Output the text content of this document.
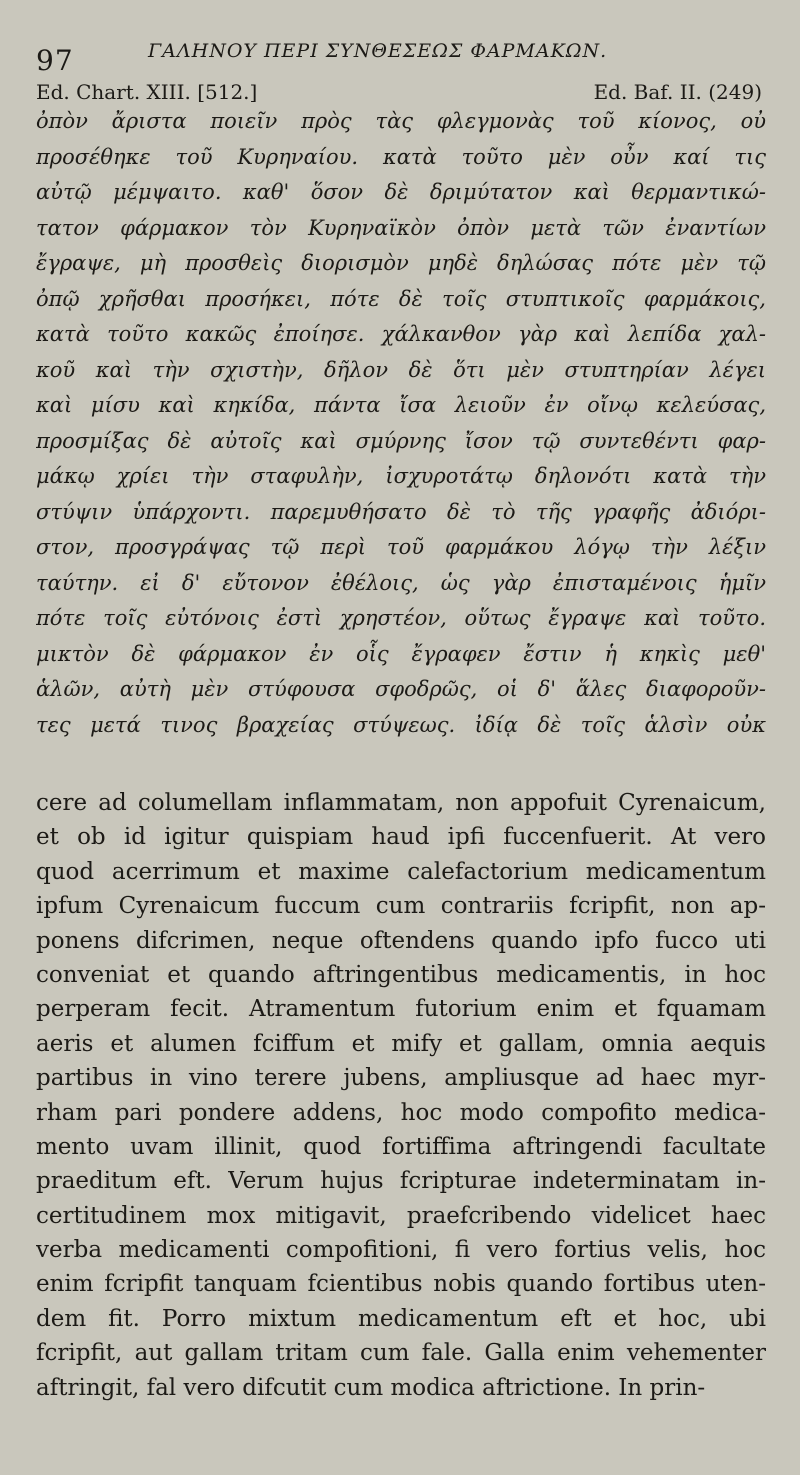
97	ΓΑΛΗΝΟΥ ΠΕΡΙ ΣΥΝΘΕΣΕΩΣ ΦΑΡΜΑΚΩΝ.
Ed. Chart. XIII. [512.]	Ed. Baf. II. (249)
ὀπὸν ἄριστα ποιεῖν πρὸς τὰς φλεγμονὰς τοῦ κίονος, οὐ
προσέθηκε τοῦ Κυρηναίου. κατὰ τοῦτο μὲν οὖν καί τις
αὐτῷ μέμψαιτο. καθ' ὅσον δὲ δριμύτατον καὶ θερμαντικώ-
τατον φάρμακον τὸν Κυρηναϊκὸν ὀπὸν μετὰ τῶν ἐναντίων
ἔγραψε, μὴ προσθεὶς διορισμὸν μηδὲ δηλώσας πότε μὲν τῷ
ὀπῷ χρῆσθαι προσήκει, πότε δὲ τοῖς στυπτικοῖς φαρμάκοις,
κατὰ τοῦτο κακῶς ἐποίησε. χάλκανθον γὰρ καὶ λεπίδα χαλ-
κοῦ καὶ τὴν σχιστὴν, δῆλον δὲ ὅτι μὲν στυπτηρίαν λέγει
καὶ μίσυ καὶ κηκίδα, πάντα ἴσα λειοῦν ἐν οἴνῳ κελεύσας,
προσμίξας δὲ αὐτοῖς καὶ σμύρνης ἴσον τῷ συντεθέντι φαρ-
μάκῳ χρίει τὴν σταφυλὴν, ἰσχυροτάτῳ δηλονότι κατὰ τὴν
στύψιν ὑπάρχοντι. παρεμυθήσατο δὲ τὸ τῆς γραφῆς ἀδιόρι-
στον, προσγράψας τῷ περὶ τοῦ φαρμάκου λόγῳ τὴν λέξιν
ταύτην. εἰ δ' εὔτονον ἐθέλοις, ὡς γὰρ ἐπισταμένοις ἡμῖν
πότε τοῖς εὐτόνοις ἐστὶ χρηστέον, οὕτως ἔγραψε καὶ τοῦτο.
μικτὸν δὲ φάρμακον ἐν οἷς ἔγραφεν ἔστιν ἡ κηκὶς μεθ'
ἁλῶν, αὐτὴ μὲν στύφουσα σφοδρῶς, οἱ δ' ἅλες διαφοροῦν-
τες μετά τινος βραχείας στύψεως. ἰδίᾳ δὲ τοῖς ἁλσὶν οὐκ
cere ad columellam inflammatam, non appofuit Cyrenaicum,
et ob id igitur quispiam haud ipfi fuccenfuerit. At vero
quod acerrimum et maxime calefactorium medicamentum
ipfum Cyrenaicum fuccum cum contrariis fcripfit, non ap-
ponens difcrimen, neque oftendens quando ipfo fucco uti
conveniat et quando aftringentibus medicamentis, in hoc
perperam fecit. Atramentum futorium enim et fquamam
aeris et alumen fciffum et mify et gallam, omnia aequis
partibus in vino terere jubens, ampliusque ad haec myr-
rham pari pondere addens, hoc modo compofito medica-
mento uvam illinit, quod fortiffima aftringendi facultate
praeditum eft. Verum hujus fcripturae indeterminatam in-
certitudinem mox mitigavit, praefcribendo videlicet haec
verba medicamenti compofitioni, fi vero fortius velis, hoc
enim fcripfit tanquam fcientibus nobis quando fortibus uten-
dem fit. Porro mixtum medicamentum eft et hoc, ubi
fcripfit, aut gallam tritam cum fale. Galla enim vehementer
aftringit, fal vero difcutit cum modica aftrictione. In prin-
